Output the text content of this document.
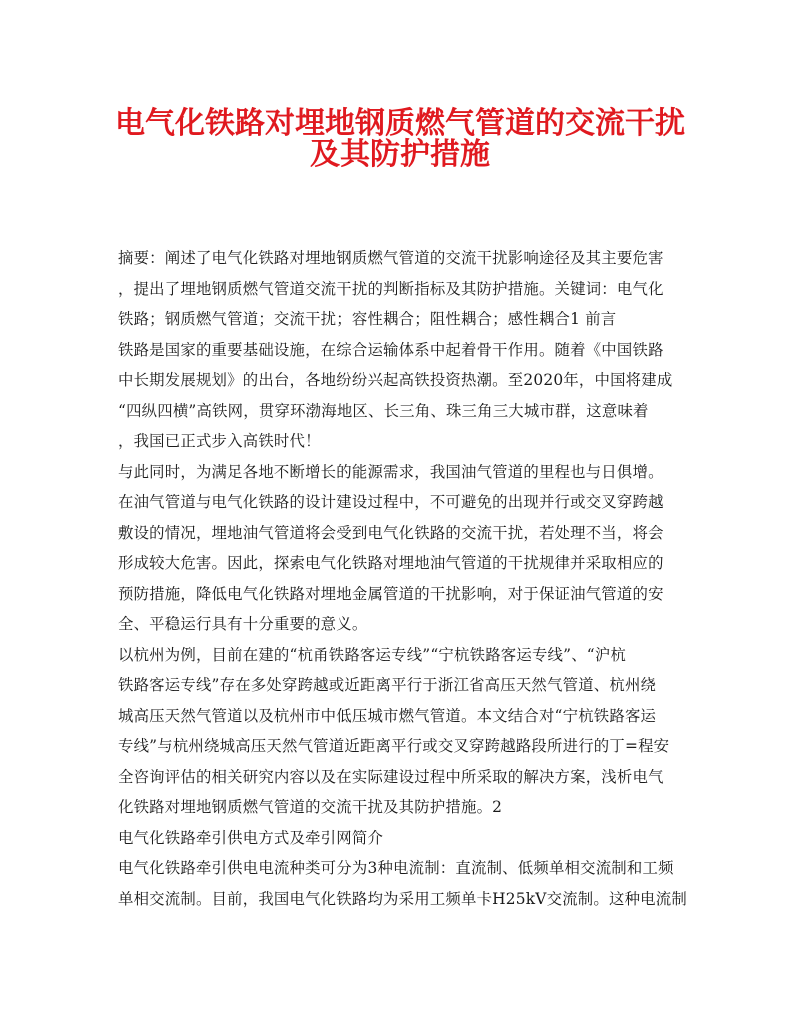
电气化铁路对埋地钢质燃气管道的交流干扰
及其防护措施
摘要：阐述了电气化铁路对埋地钢质燃气管道的交流干扰影响途径及其主要危害
，提出了埋地钢质燃气管道交流干扰的判断指标及其防护措施。关键词：电气化
铁路；钢质燃气管道；交流干扰；容性耦合；阻性耦合；感性耦合1 前言
铁路是国家的重要基础设施，在综合运输体系中起着骨干作用。随着《中国铁路
中长期发展规划》的出台，各地纷纷兴起高铁投资热潮。至2020年，中国将建成
“四纵四横”高铁网，贯穿环渤海地区、长三角、珠三角三大城市群，这意味着
，我国已正式步入高铁时代！
与此同时，为满足各地不断增长的能源需求，我国油气管道的里程也与日俱增。
在油气管道与电气化铁路的设计建设过程中，不可避免的出现并行或交叉穿跨越
敷设的情况，埋地油气管道将会受到电气化铁路的交流干扰，若处理不当，将会
形成较大危害。因此，探索电气化铁路对埋地油气管道的干扰规律并采取相应的
预防措施，降低电气化铁路对埋地金属管道的干扰影响，对于保证油气管道的安
全、平稳运行具有十分重要的意义。
以杭州为例，目前在建的“杭甬铁路客运专线”“宁杭铁路客运专线”、“沪杭
铁路客运专线”存在多处穿跨越或近距离平行于浙江省高压天然气管道、杭州绕
城高压天然气管道以及杭州市中低压城市燃气管道。本文结合对“宁杭铁路客运
专线”与杭州绕城高压天然气管道近距离平行或交叉穿跨越路段所进行的丁=程安
全咨询评估的相关研究内容以及在实际建设过程中所采取的解决方案，浅析电气
化铁路对埋地钢质燃气管道的交流干扰及其防护措施。2
电气化铁路牵引供电方式及牵引网简介
电气化铁路牵引供电电流种类可分为3种电流制：直流制、低频单相交流制和工频
单相交流制。目前，我国电气化铁路均为采用工频单卡H25kV交流制。这种电流制
